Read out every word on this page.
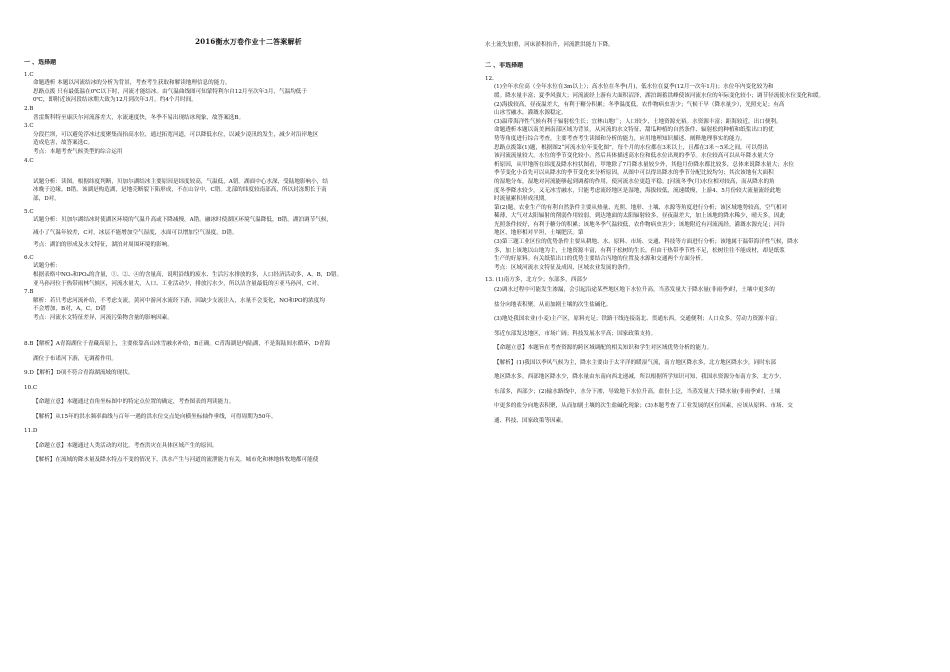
2016衡水万卷作业十二答案解析
一 、选择题
1.C
命题透析 本题以河流结冰的分析为背景，考查考生获取和解读地理信息的能力。
思路点拨 只有最低温在0℃以下时，河流才能结冰。由气温曲线图可知蒙特利尔自12月至次年3月，气温均低于
0℃，即附近该河段结冰期大致为12月到次年3月，约4个月时间。
2.B
普雷斯科特至康沃尔河流落差大，水流速度快，冬季不易出现结冰现象，故答案选B。
3.C
分段拦坝，可以避免浮冰过度聚集而抬高水位，通过拓宽河道，可以降低水位，以减少凌汛的发生，减少对沿岸地区
造成危害，故答案选C。
考点：本题考查气候类型的综合运用
4.C

试题分析：读图。根据纬度判断，贝加尔湖结冰主要原因是纬度较高，气温低，A错。湖面中心水深，受陆地影响小，结
冰晚于边缘，B错。该湖是构造湖，是地壳断裂下陷形成，不在山谷中，C错。北部的纬度较南部高，所以封冻期长于南
部，D对。
5.C
试题分析：贝加尔湖结冰时使湖区环境的气温升高或下降减慢，A错。融冰时使湖区环境气温降低，B错。湖泊调节气候，
减小了气温年较差，C对。冰层不能增加空气湿度，水面可以增加空气湿度，D错。
考点：湖泊的形成及水文特征，湖泊对周围环境的影响。
6.C
试题分析：
根据表格中NO₃和PO₄的含量，①、②、④的含量高，说明沿线的废水、生活污水排放的多，人口经济活动多，A，B，D错。
亚马孙河位于热带雨林气候区，河流水量大，人口、工业活动少，排放污水少，所以洁含量最低的④亚马孙河，C对。
7.B
解析：若只考虑河流补给，不考虑支流，黄河中游河水流经下游，因缺少支流注入，水量不会变化，NO和PO的浓度均
不会增加，B对，A，C，D错
考点：河流水文特征差异，河流污染物含量的影响因素。

8.B【解析】A青海湖位于青藏高原上，主要依靠高山冰雪融水补给，B正确。C青海湖是内陆湖，不是海陆间水循环，D青海
湖位于布诺河下游，无调蓄作用。
9.D【解析】D项不符合青海湖流域的现状。
10.C
【命题立意】本题通过直角坐标图中的特定点位置的确定，考查图表的判读能力。
【解析】从15年的洪水频率曲线与百年一遇的洪水位交点处向横坐标轴作垂线，可得周期为50年。
11.D
【命题立意】本题通过人类活动的对比，考查洪灾在具体区域产生的原因。
【解析】在流域的降水量及降水特点不变的情况下，洪水产生与河道的流泄能力有关。城市化和林地转牧地都可能使
水土流失加重，河床淤积抬升，河流泄洪能力下降。

二 、非选择题
12.
(1)全年水位高（全年水位在3m以上）；高水位在冬季(月)，低水位在夏季(12月一次年1月)；水位年内变化较为和
缓。降水量丰富；夏季风强大；河流流经上游有大面积沼泽，湖泊调蓄洪峰使该河流水位的年际变化较小；调节径流使水位变化和缓。
(2)海拔较高，昼夜温差大，有利于糖分积累；冬季温度低，农作物病虫害少；气候干旱（降水量少），光照充足；有高
山冰雪融水，灌溉水源稳定。
(3)温带海洋性气候有利于辐射松生长；宜林山地广；人口较少，土地资源充裕。水资源丰富；距海较近，出口便利。
命题透析本题以南美洲南部区域为背景，从河流的水文特征、甜瓜种植的自然条件、辐射松的种植和纸浆出口的优
势等角度进行综合考查，主要考查考生读图和分析的能力，应用地理知识描述、阐释地理事实的能力。
思路点拨第(1)题，根据图2“河流水位年变化图”，每个月的水位都在3米以上，且都在3米～5米之间，可以得出
该河流流量较大，水位的季节变化较小。然后具体描述高水位和低水位出现的季节。水位较高可以从年降水量大分
析原因，从甲地所在纬度及降水柱状图看，甲地除了7月降水量较少外，其他月份降水都比较多，总体来说降水量大；水位
季节变化小首先可以从降水的季节变化来分析原因，从图中可以得出降水的季节分配比较均匀；其次该地有大面积
的湿地分布，湿地对河流能够起到调蓄的作用，使河流水位更趋平稳。[河流冬季(月)水位相对较高，而从降水的角
度冬季降水较少，又无冰雪融水，只能考虑流经地区是湿地，海拔较低，流速缓慢，上游4、5月份较大流量流经此地
时流量累积形成汛期。
第(2)题，农业生产的有利自然条件主要从热量、光照、地形、土壤、水源等角度进行分析；该区域地势较高，空气相对
稀薄，大气对太阳辐射的削弱作用较弱，到达地面的太阳辐射较多，昼夜温差大，加上该地的降水稀少，晴天多，因此
光照条件较好，有利于糖分的积累；该地冬季气温较低，农作物病虫害少；该地附近有河流流经，灌溉水源充足；河谷
地区，地形相对平坦，土壤肥沃。第
(3)第三题工业区位的优势条件主要从耕地、水、原料、市场、交通、科技等方面进行分析；该地属于温带海洋性气候，降水
多，加上该地以山地为主，土地资源丰富，有利于松树的生长。但由于热带季节性不足，松树往往不能成材，却是纸浆
生产的好原料。有关纸浆出口的优势主要结合丙地的位置及水源和交通两个方面分析。
考点：区域河流水文特征及成因，区域农业发展的条件。
13. (1)南方多，北方少；东部多，西部少
(2)调水过程中可能发生渗漏，会引起沿途某些地区地下水位升高，当蒸发量大于降水量(非雨季)时，土壤中更多的
盐分向地表积聚，从而加剧土壤的次生盐碱化。
(3)地处我国农业(小麦)主产区，原料充足；铁路干线连接南北、贯通东西，交通便利；人口众多，劳动力资源丰富；
邻近东部发达地区，市场广阔；科技发展水平高；国家政策支持。
【命题立意】本题旨在考查资源的跨区域调配的相关知识和学生对区域优势分析的能力。
【解析】(1)我国以季风气候为主，降水主要由于太平洋的暖湿气流，南方地区降水多，北方地区降水少，同时东部
地区降水多，西部地区降水少，降水量由东南向西北递减，所以根据所学知识可知，我国水资源分布南方多，北方少，
东部多，西部少；(2)输水路线中，水分下渗，导致地下水位升高，盐份上泛，当蒸发量大于降水量(非雨季)时，土壤
中更多的盐分向地表积聚，从而加剧土壤的次生盐碱化现象；(3)本题考查了工业发展的区位因素，应该从原料、市场、交
通、科技、国家政策等因素。
